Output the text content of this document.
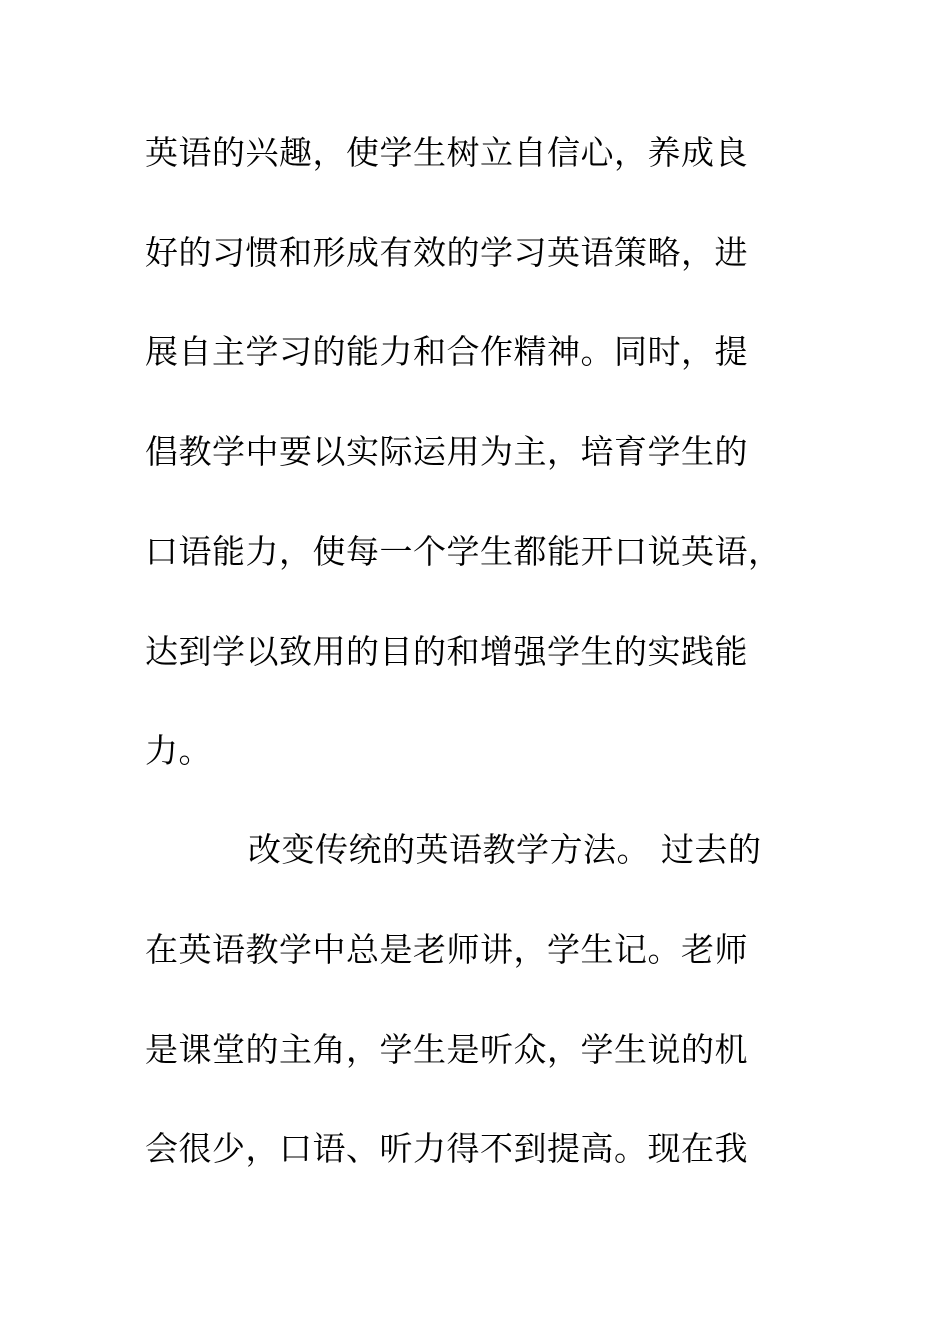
英语的兴趣，使学生树立自信心，养成良
好的习惯和形成有效的学习英语策略，进
展自主学习的能力和合作精神。同时，提
倡教学中要以实际运用为主，培育学生的
口语能力，使每一个学生都能开口说英语，
达到学以致用的目的和增强学生的实践能
力。
改变传统的英语教学方法。 过去的
在英语教学中总是老师讲，学生记。老师
是课堂的主角，学生是听众，学生说的机
会很少，口语、听力得不到提高。现在我
